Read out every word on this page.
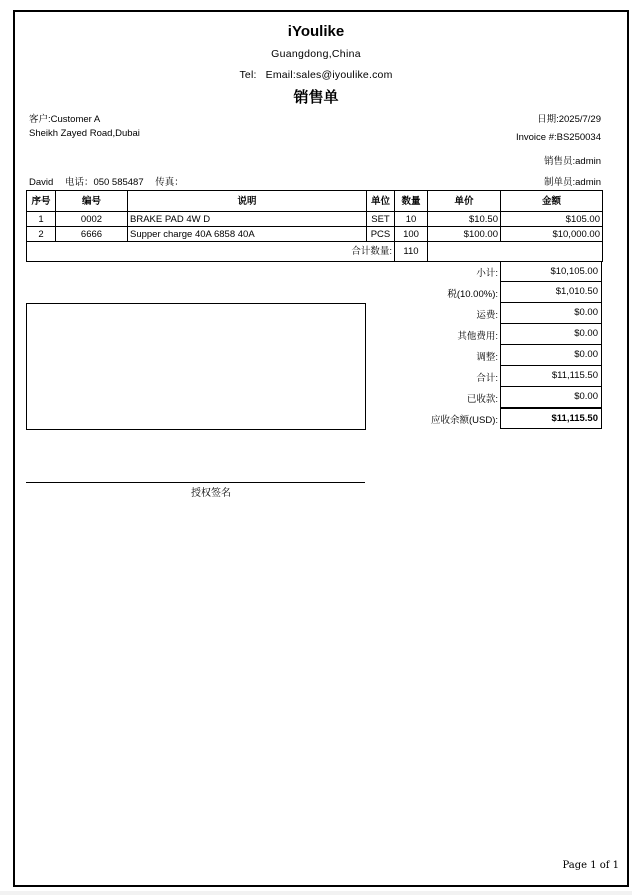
iYoulike
Guangdong,China
Tel: Email:sales@iyoulike.com
销售单
客户:Customer A
Sheikh Zayed Road,Dubai
David 电话：050 585487 传真：
日期:2025/7/29
Invoice #:BS250034
销售员:admin
制单员:admin
序号	编号	说明	单位	数量	单价	金额
1	0002	BRAKE PAD 4W D	SET	10	$10.50	$105.00
2	6666	Supper charge 40A 6858 40A	PCS	100	$100.00	$10,000.00
合计数量:				110		
小计:	$10,105.00
税(10.00%):	$1,010.50
运费:	$0.00
其他费用:	$0.00
调整:	$0.00
合计:	$11,115.50
已收款:	$0.00
应收余额(USD):	$11,115.50
授权签名
Page 1 of 1
